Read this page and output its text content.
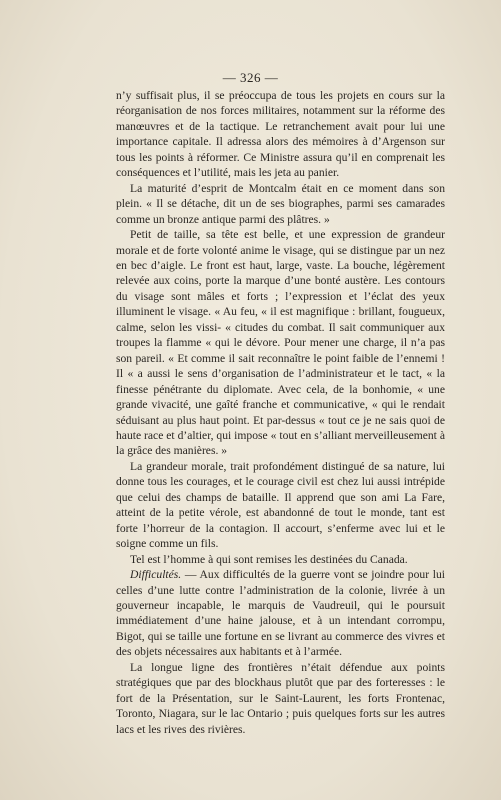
— 326 —

n’y suffisait plus, il se préoccupa de tous les projets en cours sur la réorganisation de nos forces militaires, notamment sur la réforme des manœuvres et de la tactique. Le retranchement avait pour lui une importance capitale. Il adressa alors des mémoires à d’Argenson sur tous les points à réformer. Ce Ministre assura qu’il en comprenait les conséquences et l’utilité, mais les jeta au panier.

La maturité d’esprit de Montcalm était en ce moment dans son plein. « Il se détache, dit un de ses biographes, parmi ses camarades comme un bronze antique parmi des plâtres. »

Petit de taille, sa tête est belle, et une expression de grandeur morale et de forte volonté anime le visage, qui se distingue par un nez en bec d’aigle. Le front est haut, large, vaste. La bouche, légèrement relevée aux coins, porte la marque d’une bonté austère. Les contours du visage sont mâles et forts ; l’expression et l’éclat des yeux illuminent le visage. « Au feu, « il est magnifique : brillant, fougueux, calme, selon les vissi- « citudes du combat. Il sait communiquer aux troupes la flamme « qui le dévore. Pour mener une charge, il n’a pas son pareil. « Et comme il sait reconnaître le point faible de l’ennemi ! Il « a aussi le sens d’organisation de l’administrateur et le tact, « la finesse pénétrante du diplomate. Avec cela, de la bonhomie, « une grande vivacité, une gaîté franche et communicative, « qui le rendait séduisant au plus haut point. Et par-dessus « tout ce je ne sais quoi de haute race et d’altier, qui impose « tout en s’alliant merveilleusement à la grâce des manières. »

La grandeur morale, trait profondément distingué de sa nature, lui donne tous les courages, et le courage civil est chez lui aussi intrépide que celui des champs de bataille. Il apprend que son ami La Fare, atteint de la petite vérole, est abandonné de tout le monde, tant est forte l’horreur de la contagion. Il accourt, s’enferme avec lui et le soigne comme un fils.

Tel est l’homme à qui sont remises les destinées du Canada.

Difficultés. — Aux difficultés de la guerre vont se joindre pour lui celles d’une lutte contre l’administration de la colonie, livrée à un gouverneur incapable, le marquis de Vaudreuil, qui le poursuit immédiatement d’une haine jalouse, et à un intendant corrompu, Bigot, qui se taille une fortune en se livrant au commerce des vivres et des objets nécessaires aux habitants et à l’armée.

La longue ligne des frontières n’était défendue aux points stratégiques que par des blockhaus plutôt que par des forteresses : le fort de la Présentation, sur le Saint-Laurent, les forts Frontenac, Toronto, Niagara, sur le lac Ontario ; puis quelques forts sur les autres lacs et les rives des rivières.
